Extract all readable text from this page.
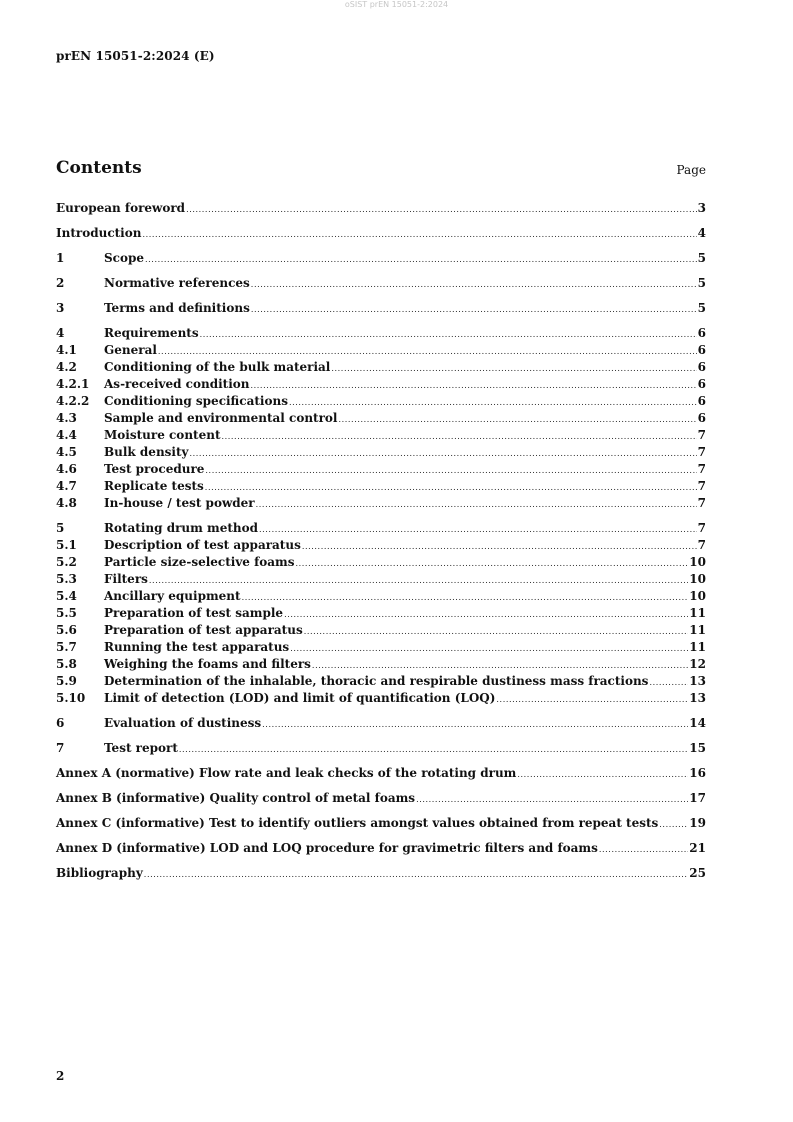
oSIST prEN 15051-2:2024
prEN 15051-2:2024 (E)
Contents	Page
European foreword .....	3
Introduction .....	4
1	Scope .....	5
2	Normative references .....	5
3	Terms and definitions .....	5
4	Requirements .....	6
4.1	General .....	6
4.2	Conditioning of the bulk material .....	6
4.2.1	As-received condition .....	6
4.2.2	Conditioning specifications .....	6
4.3	Sample and environmental control .....	6
4.4	Moisture content .....	7
4.5	Bulk density .....	7
4.6	Test procedure .....	7
4.7	Replicate tests .....	7
4.8	In-house / test powder .....	7
5	Rotating drum method .....	7
5.1	Description of test apparatus .....	7
5.2	Particle size-selective foams .....	10
5.3	Filters .....	10
5.4	Ancillary equipment .....	10
5.5	Preparation of test sample .....	11
5.6	Preparation of test apparatus .....	11
5.7	Running the test apparatus .....	11
5.8	Weighing the foams and filters .....	12
5.9	Determination of the inhalable, thoracic and respirable dustiness mass fractions .....	13
5.10	Limit of detection (LOD) and limit of quantification (LOQ) .....	13
6	Evaluation of dustiness .....	14
7	Test report .....	15
Annex A (normative) Flow rate and leak checks of the rotating drum .....	16
Annex B (informative) Quality control of metal foams .....	17
Annex C (informative) Test to identify outliers amongst values obtained from repeat tests .....	19
Annex D (informative) LOD and LOQ procedure for gravimetric filters and foams .....	21
Bibliography .....	25
2
